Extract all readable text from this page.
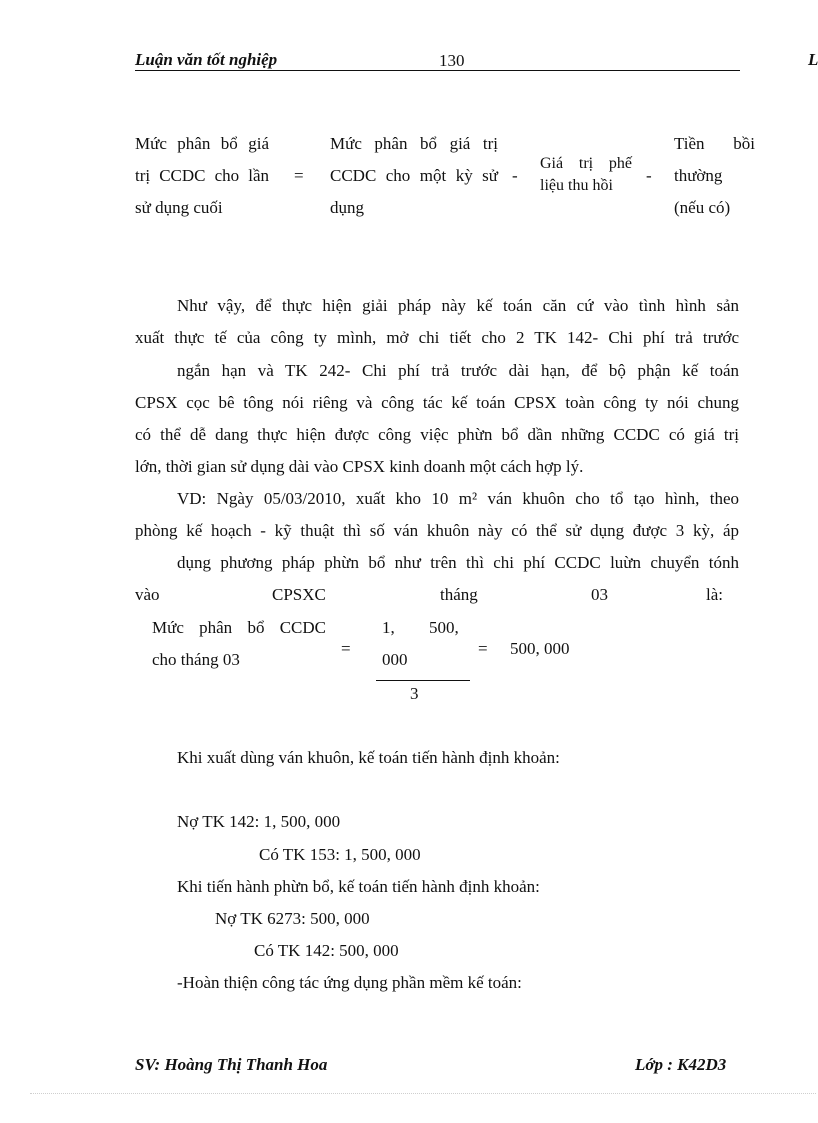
Luận văn tốt nghiệp	130	L
Mức phân bổ giá
trị CCDC cho lần
sử dụng cuối
=
Mức phân bổ giá trị
CCDC cho một kỳ sử
dụng
-
Giá trị phế
liệu thu hồi
-
Tiền bồi
thường
(nếu có)
Như vậy, để thực hiện giải pháp này kế toán căn cứ vào tình hình sản
xuất thực tế của công ty mình, mở chi tiết cho 2 TK 142- Chi phí trả trước
ngắn hạn và TK 242- Chi phí trả trước dài hạn, để bộ phận kế toán
CPSX cọc bê tông nói riêng và công tác kế toán CPSX toàn công ty nói chung
có thể dễ dang thực hiện được công việc phừn bổ dần những CCDC có giá trị
lớn, thời gian sử dụng dài vào CPSX kinh doanh một cách hợp lý.
VD: Ngày 05/03/2010, xuất kho 10 m² ván khuôn cho tổ tạo hình, theo
phòng kế hoạch - kỹ thuật thì số ván khuôn này có thể sử dụng được 3 kỳ, áp
dụng phương pháp phừn bổ như trên thì chi phí CCDC luừn chuyển tónh
vào	CPSXC	tháng	03	là:
Mức phân bổ CCDC
cho tháng 03
=
1, 500,
000
3
= 500, 000
Khi xuất dùng ván khuôn, kế toán tiến hành định khoản:
Nợ TK 142: 1, 500, 000
Có TK 153: 1, 500, 000
Khi tiến hành phừn bổ, kế toán tiến hành định khoản:
Nợ TK 6273: 500, 000
Có TK 142: 500, 000
-Hoàn thiện công tác ứng dụng phần mềm kế toán:
SV: Hoàng Thị Thanh Hoa	Lớp : K42D3
